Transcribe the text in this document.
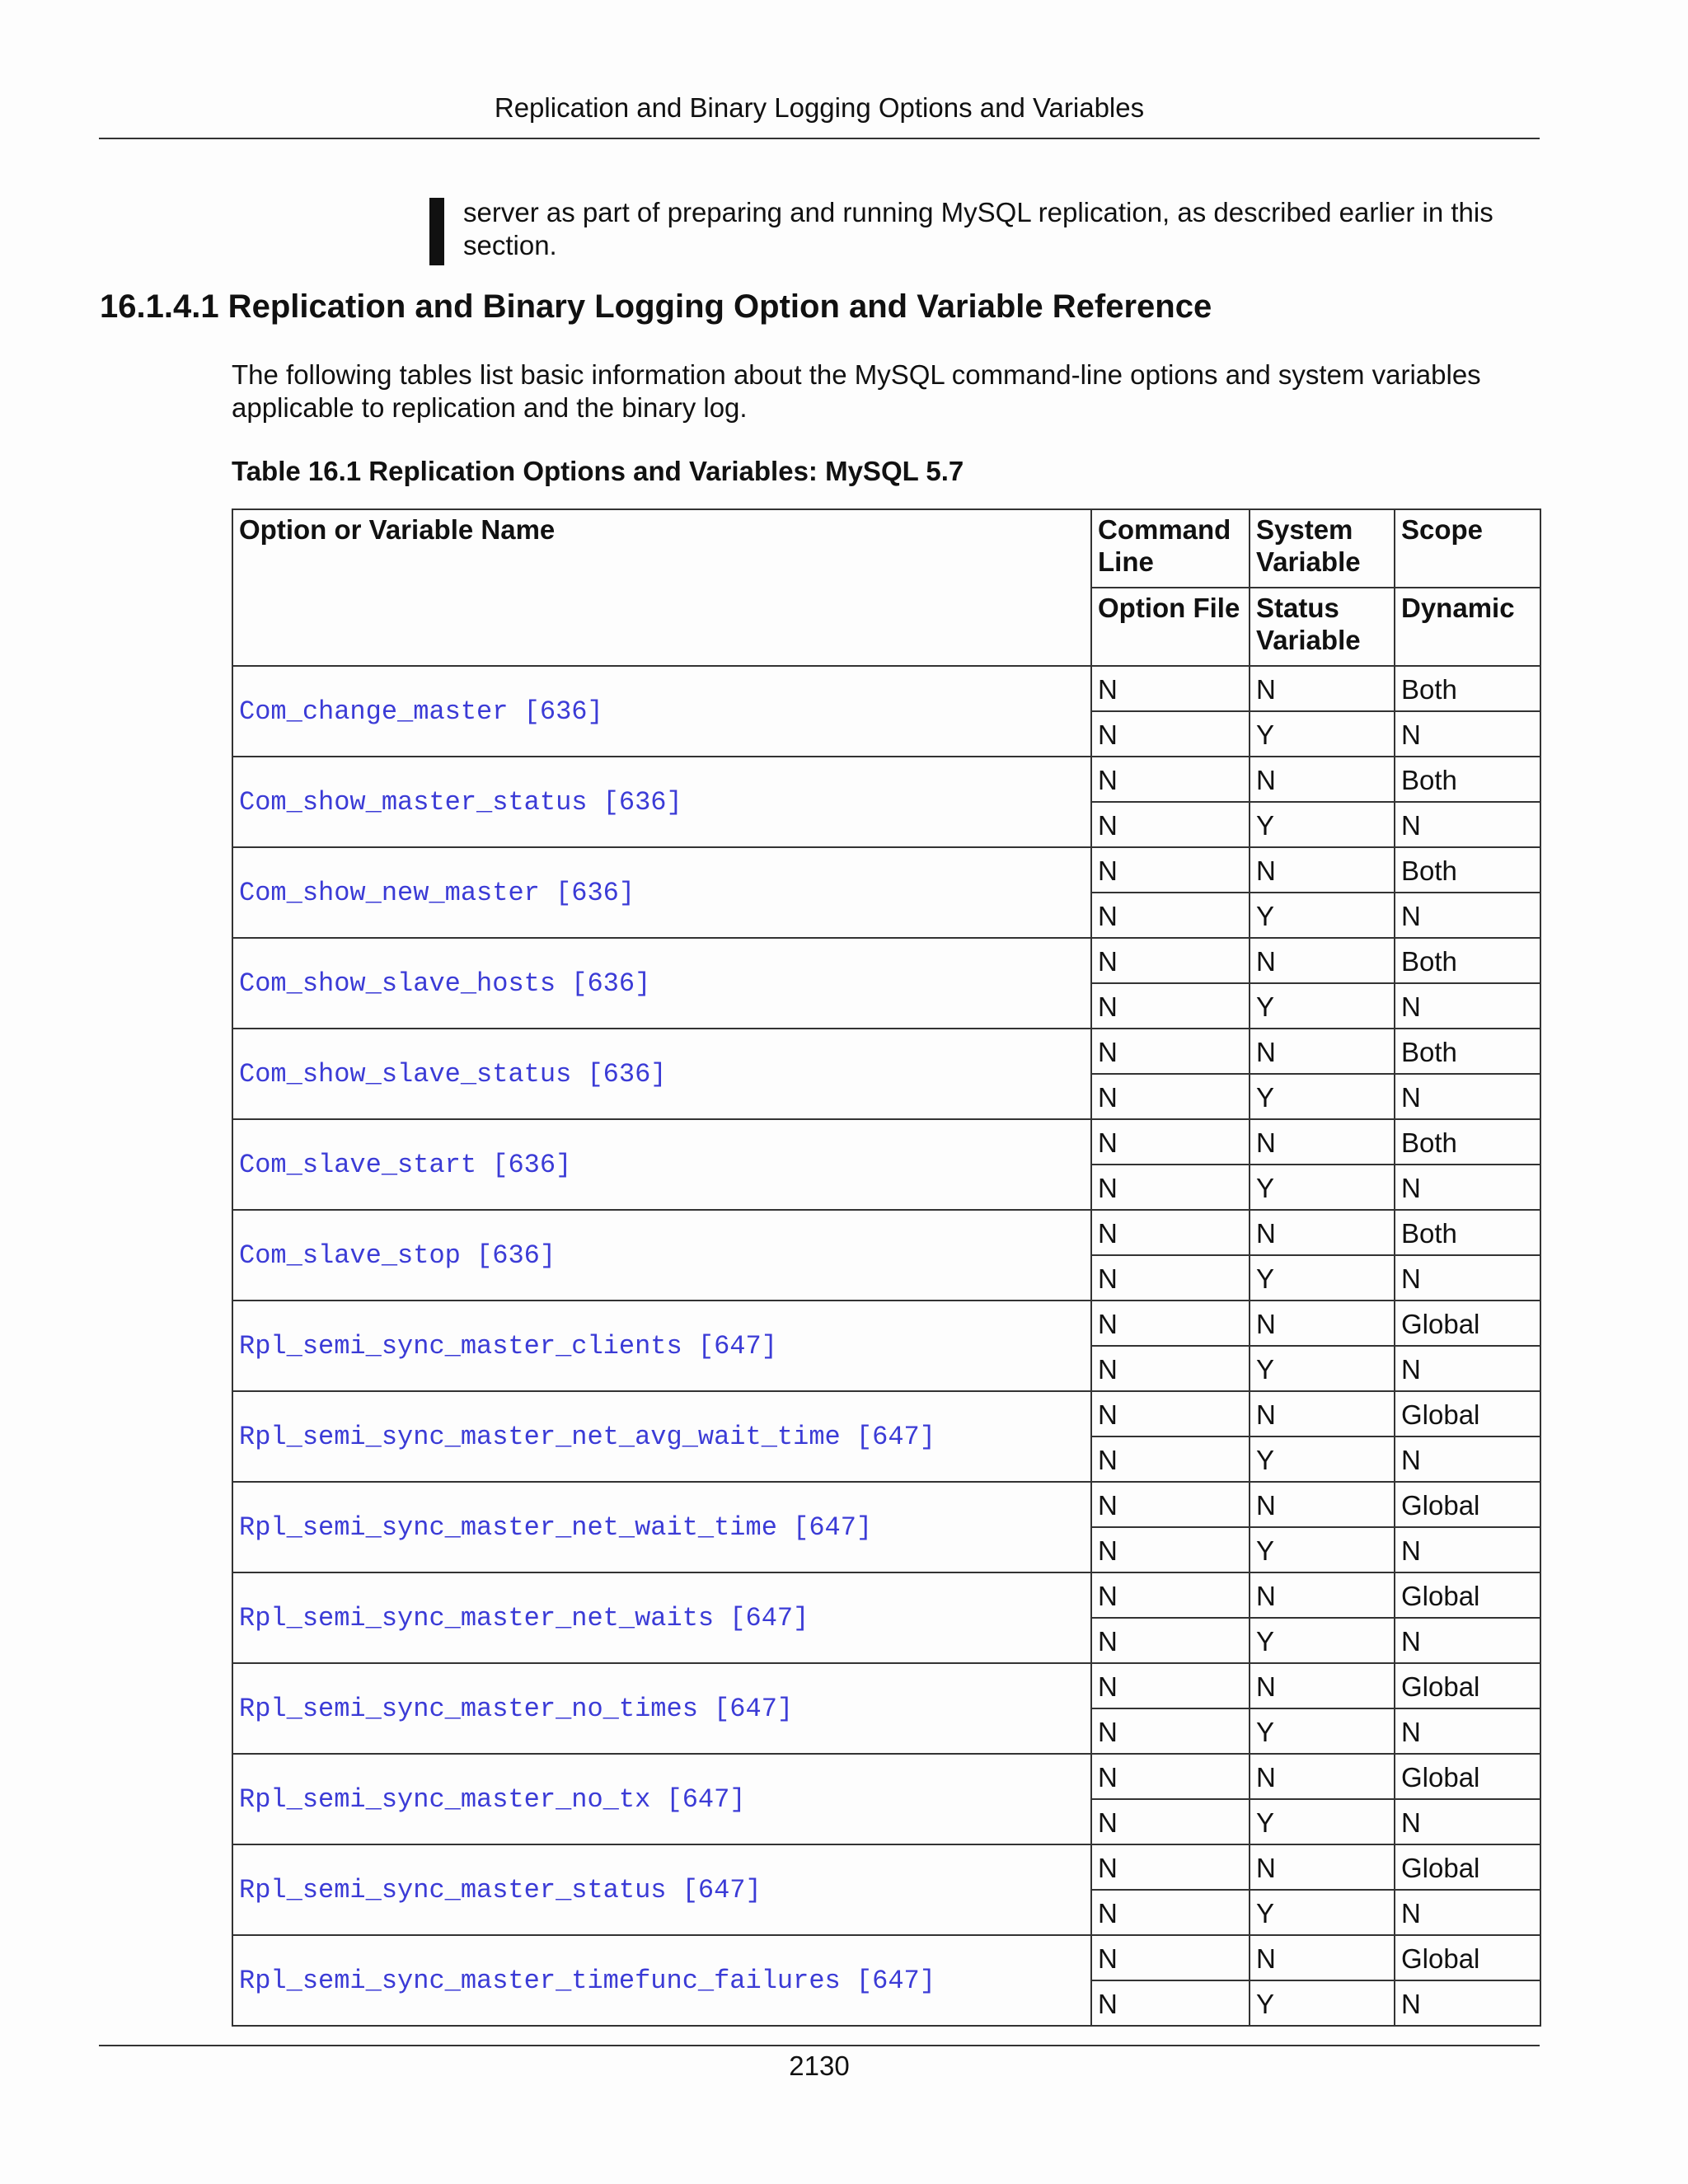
Replication and Binary Logging Options and Variables
server as part of preparing and running MySQL replication, as described earlier in this section.
16.1.4.1 Replication and Binary Logging Option and Variable Reference
The following tables list basic information about the MySQL command-line options and system variables applicable to replication and the binary log.
Table 16.1 Replication Options and Variables: MySQL 5.7
Option or Variable Name	Command Line	System Variable	Scope
	Option File	Status Variable	Dynamic
Com_change_master [636]	N	N	Both
	N	Y	N
Com_show_master_status [636]	N	N	Both
	N	Y	N
Com_show_new_master [636]	N	N	Both
	N	Y	N
Com_show_slave_hosts [636]	N	N	Both
	N	Y	N
Com_show_slave_status [636]	N	N	Both
	N	Y	N
Com_slave_start [636]	N	N	Both
	N	Y	N
Com_slave_stop [636]	N	N	Both
	N	Y	N
Rpl_semi_sync_master_clients [647]	N	N	Global
	N	Y	N
Rpl_semi_sync_master_net_avg_wait_time [647]	N	N	Global
	N	Y	N
Rpl_semi_sync_master_net_wait_time [647]	N	N	Global
	N	Y	N
Rpl_semi_sync_master_net_waits [647]	N	N	Global
	N	Y	N
Rpl_semi_sync_master_no_times [647]	N	N	Global
	N	Y	N
Rpl_semi_sync_master_no_tx [647]	N	N	Global
	N	Y	N
Rpl_semi_sync_master_status [647]	N	N	Global
	N	Y	N
Rpl_semi_sync_master_timefunc_failures [647]	N	N	Global
	N	Y	N
2130
